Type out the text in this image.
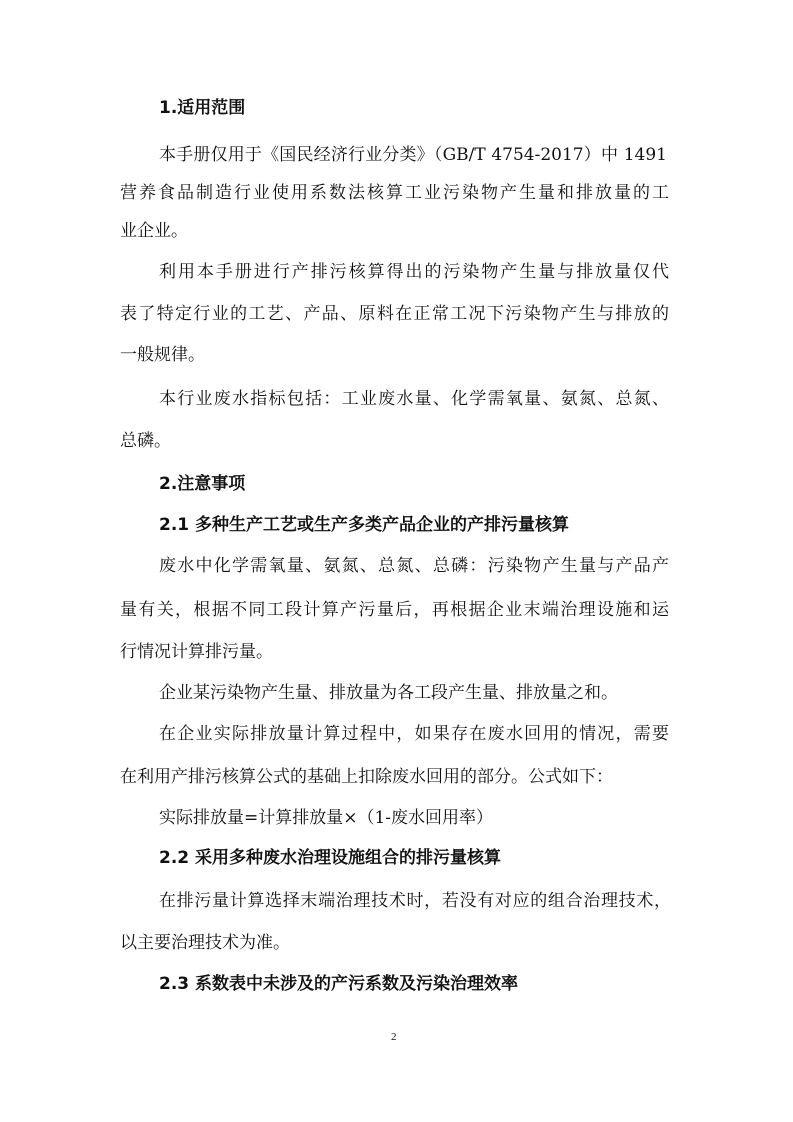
1.适用范围
本手册仅用于《国民经济行业分类》（GB/T 4754-2017）中 1491
营养食品制造行业使用系数法核算工业污染物产生量和排放量的工
业企业。
利用本手册进行产排污核算得出的污染物产生量与排放量仅代
表了特定行业的工艺、产品、原料在正常工况下污染物产生与排放的
一般规律。
本行业废水指标包括：工业废水量、化学需氧量、氨氮、总氮、
总磷。
2.注意事项
2.1 多种生产工艺或生产多类产品企业的产排污量核算
废水中化学需氧量、氨氮、总氮、总磷：污染物产生量与产品产
量有关，根据不同工段计算产污量后，再根据企业末端治理设施和运
行情况计算排污量。
企业某污染物产生量、排放量为各工段产生量、排放量之和。
在企业实际排放量计算过程中，如果存在废水回用的情况，需要
在利用产排污核算公式的基础上扣除废水回用的部分。公式如下：
实际排放量=计算排放量×（1-废水回用率）
2.2 采用多种废水治理设施组合的排污量核算
在排污量计算选择末端治理技术时，若没有对应的组合治理技术，
以主要治理技术为准。
2.3 系数表中未涉及的产污系数及污染治理效率
2
